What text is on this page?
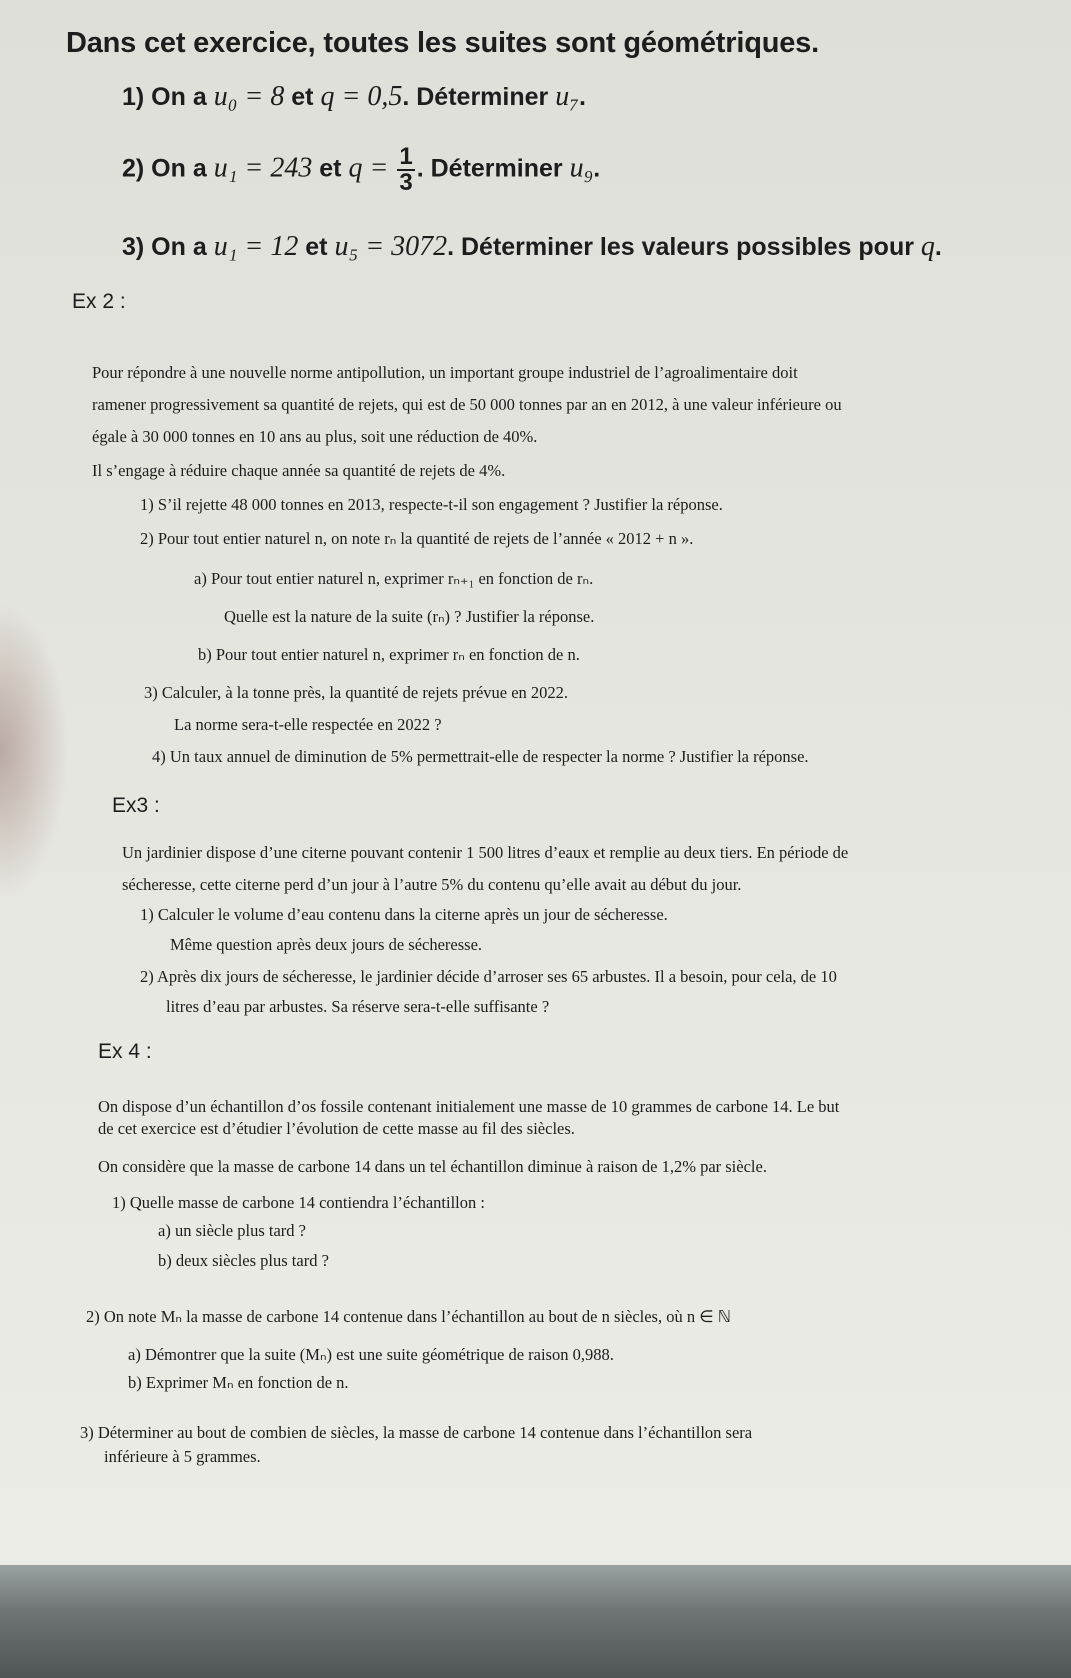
Dans cet exercice, toutes les suites sont géométriques.
1) On a u₀ = 8 et q = 0,5. Déterminer u₇.
2) On a u₁ = 243 et $q = \frac{1}{3}$ . Déterminer u₉.
3) On a u₁ = 12 et u₅ = 3072. Déterminer les valeurs possibles pour q.
Ex 2 :
Pour répondre à une nouvelle norme antipollution, un important groupe industriel de l’agroalimentaire doit
ramener progressivement sa quantité de rejets, qui est de 50 000 tonnes par an en 2012, à une valeur inférieure ou
égale à 30 000 tonnes en 10 ans au plus, soit une réduction de 40%.
Il s’engage à réduire chaque année sa quantité de rejets de 4%.
1) S’il rejette 48 000 tonnes en 2013, respecte-t-il son engagement ? Justifier la réponse.
2) Pour tout entier naturel n, on note rₙ la quantité de rejets de l’année « 2012 + n ».
a) Pour tout entier naturel n, exprimer rₙ₊₁ en fonction de rₙ.
Quelle est la nature de la suite (rₙ) ? Justifier la réponse.
b) Pour tout entier naturel n, exprimer rₙ en fonction de n.
3) Calculer, à la tonne près, la quantité de rejets prévue en 2022.
La norme sera-t-elle respectée en 2022 ?
4) Un taux annuel de diminution de 5% permettrait-elle de respecter la norme ? Justifier la réponse.
Ex3 :
Un jardinier dispose d’une citerne pouvant contenir 1 500 litres d’eaux et remplie au deux tiers. En période de
sécheresse, cette citerne perd d’un jour à l’autre 5% du contenu qu’elle avait au début du jour.
1) Calculer le volume d’eau contenu dans la citerne après un jour de sécheresse.
Même question après deux jours de sécheresse.
2) Après dix jours de sécheresse, le jardinier décide d’arroser ses 65 arbustes. Il a besoin, pour cela, de 10
litres d’eau par arbustes. Sa réserve sera-t-elle suffisante ?
Ex 4 :
On dispose d’un échantillon d’os fossile contenant initialement une masse de 10 grammes de carbone 14. Le but
de cet exercice est d’étudier l’évolution de cette masse au fil des siècles.
On considère que la masse de carbone 14 dans un tel échantillon diminue à raison de 1,2% par siècle.
1) Quelle masse de carbone 14 contiendra l’échantillon :
a) un siècle plus tard ?
b) deux siècles plus tard ?
2) On note Mₙ la masse de carbone 14 contenue dans l’échantillon au bout de n siècles, où n ∈ ℕ
a) Démontrer que la suite (Mₙ) est une suite géométrique de raison 0,988.
b) Exprimer Mₙ en fonction de n.
3) Déterminer au bout de combien de siècles, la masse de carbone 14 contenue dans l’échantillon sera
inférieure à 5 grammes.
